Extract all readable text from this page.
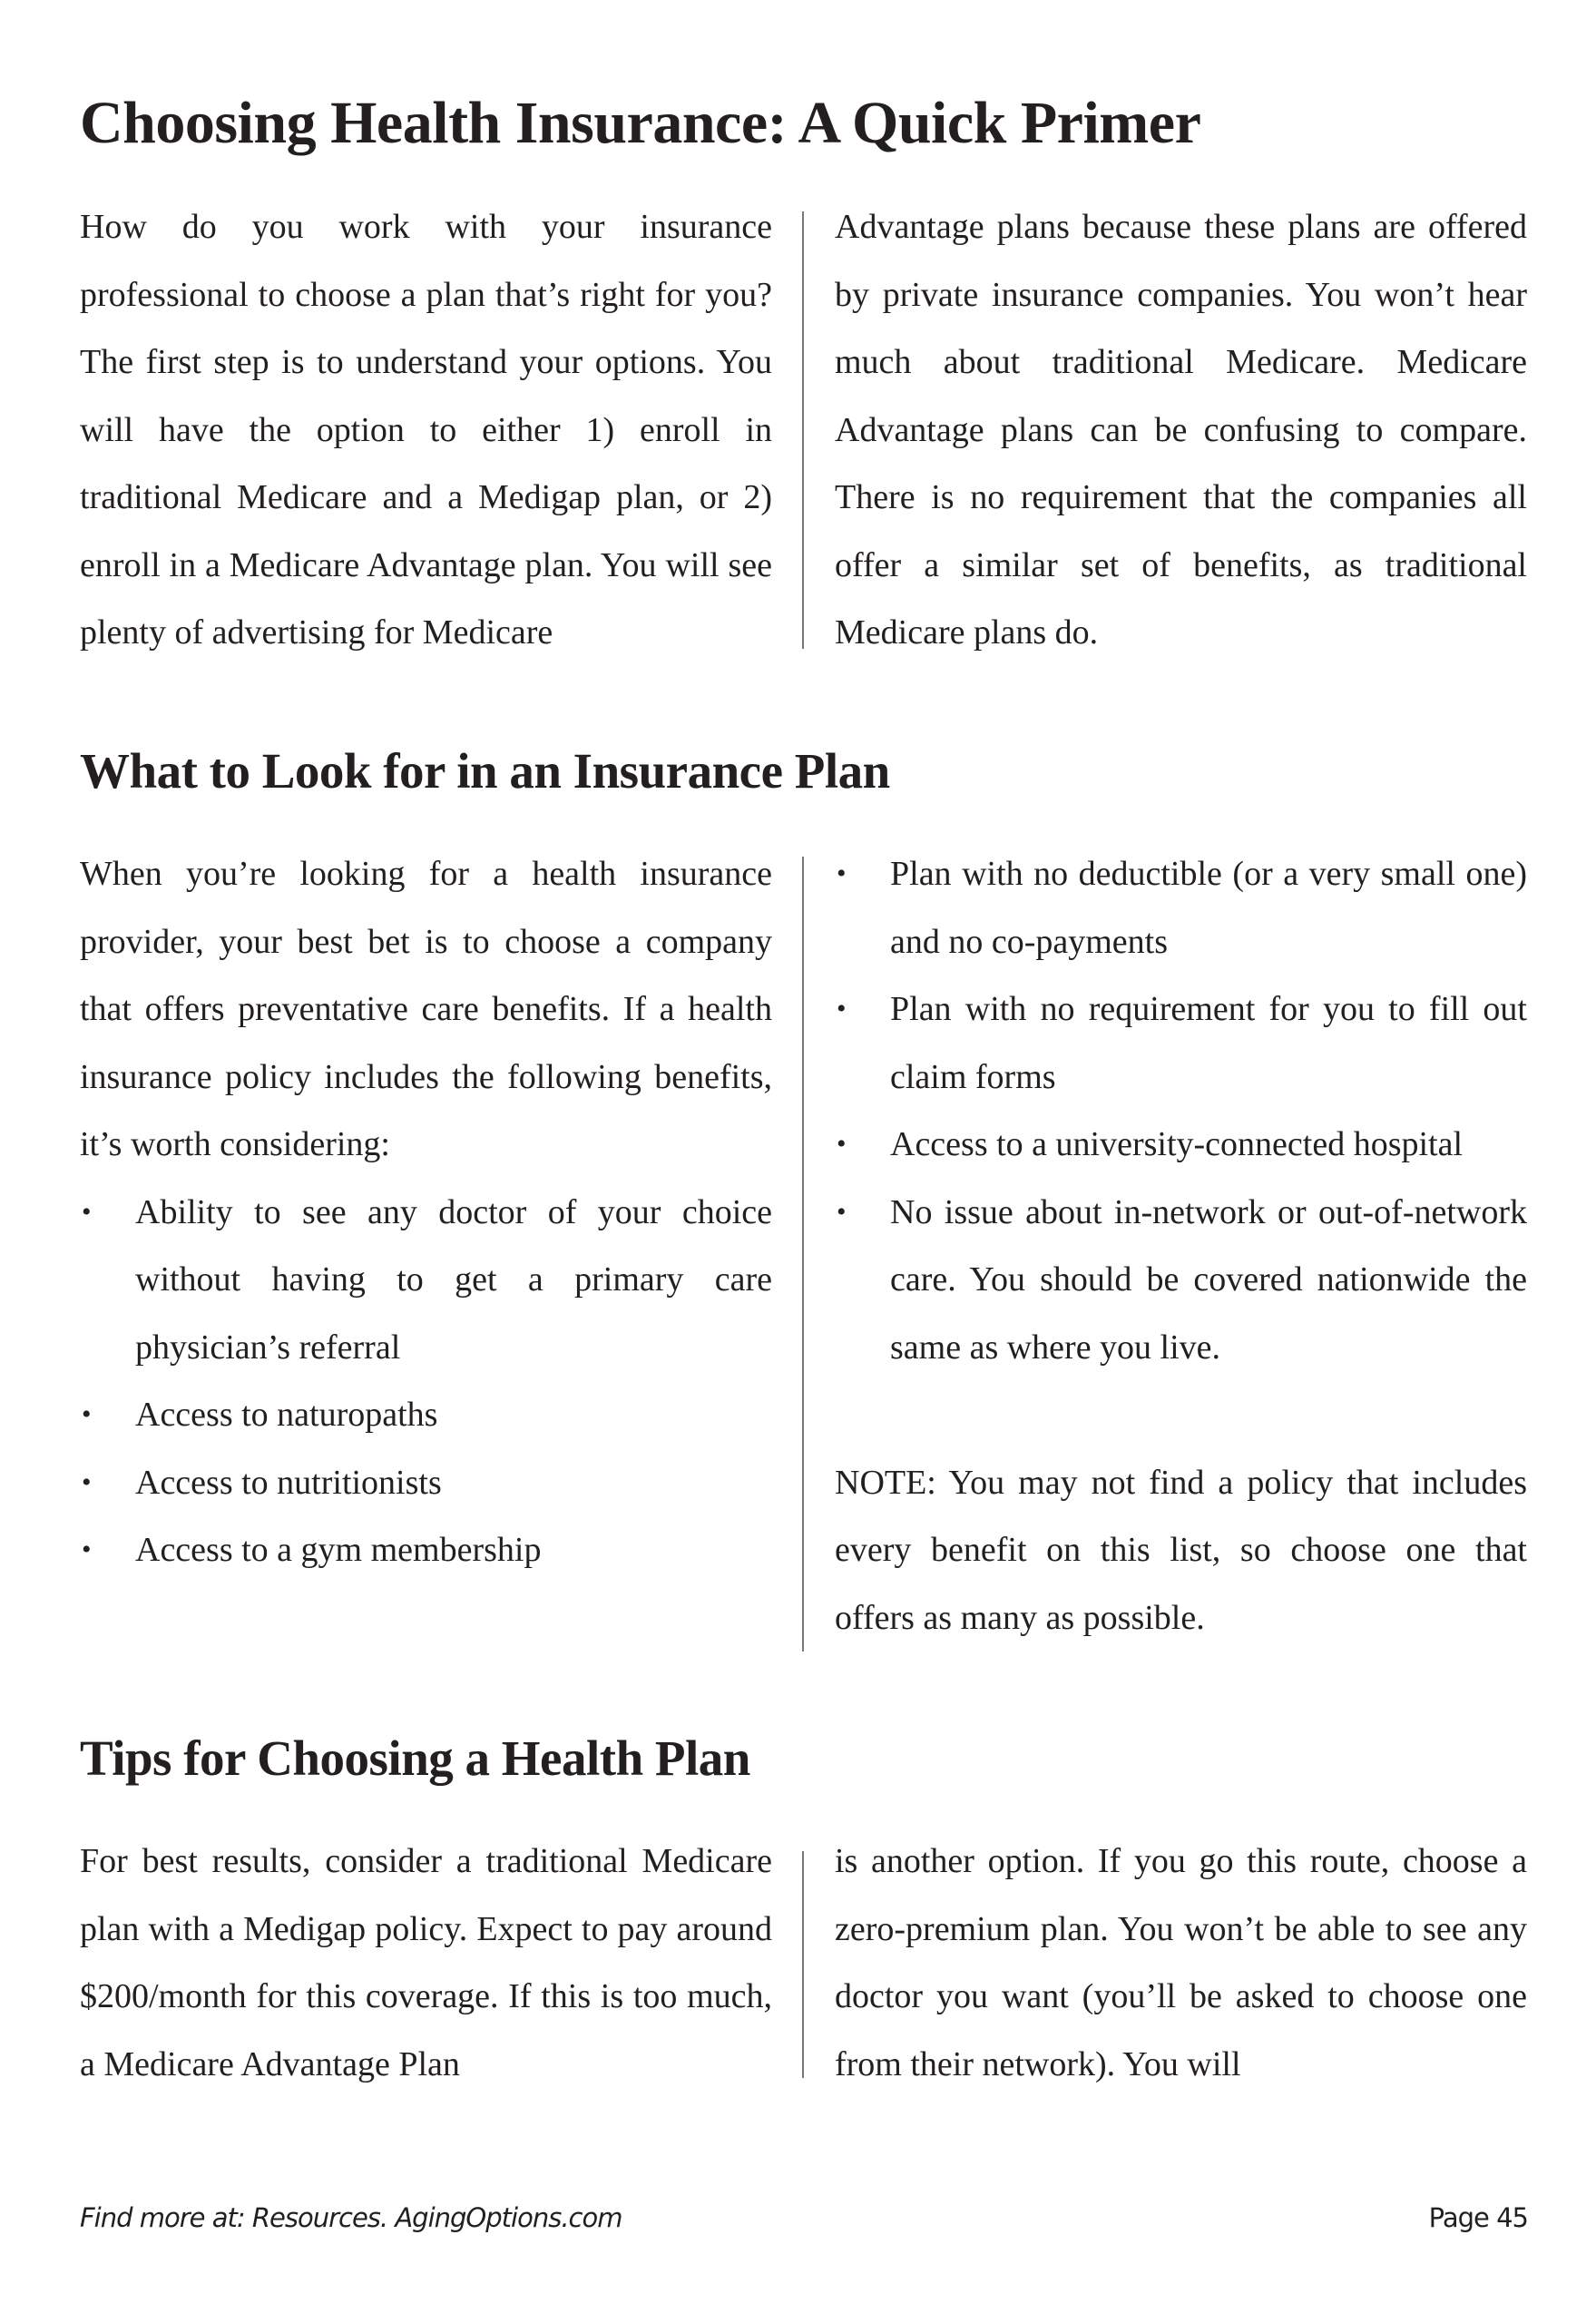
Choosing Health Insurance: A Quick Primer

How do you work with your insurance professional to choose a plan that’s right for you? The first step is to understand your options. You will have the option to either 1) enroll in traditional Medicare and a Medigap plan, or 2) enroll in a Medicare Advantage plan. You will see plenty of advertising for Medicare

Advantage plans because these plans are offered by private insurance companies. You won’t hear much about traditional Medicare. Medicare Advantage plans can be confusing to compare. There is no requirement that the companies all offer a similar set of benefits, as traditional Medicare plans do.

What to Look for in an Insurance Plan

When you’re looking for a health insurance provider, your best bet is to choose a company that offers preventative care benefits. If a health insurance policy includes the following benefits, it’s worth considering:

• Ability to see any doctor of your choice without having to get a primary care physician’s referral
• Access to naturopaths
• Access to nutritionists
• Access to a gym membership
• Plan with no deductible (or a very small one) and no co-payments
• Plan with no requirement for you to fill out claim forms
• Access to a university-connected hospital
• No issue about in-network or out-of-network care. You should be covered nationwide the same as where you live.

NOTE: You may not find a policy that includes every benefit on this list, so choose one that offers as many as possible.

Tips for Choosing a Health Plan

For best results, consider a traditional Medicare plan with a Medigap policy. Expect to pay around $200/month for this coverage. If this is too much, a Medicare Advantage Plan

is another option. If you go this route, choose a zero-premium plan. You won’t be able to see any doctor you want (you’ll be asked to choose one from their network). You will

Find more at: Resources. AgingOptions.com	Page 45
